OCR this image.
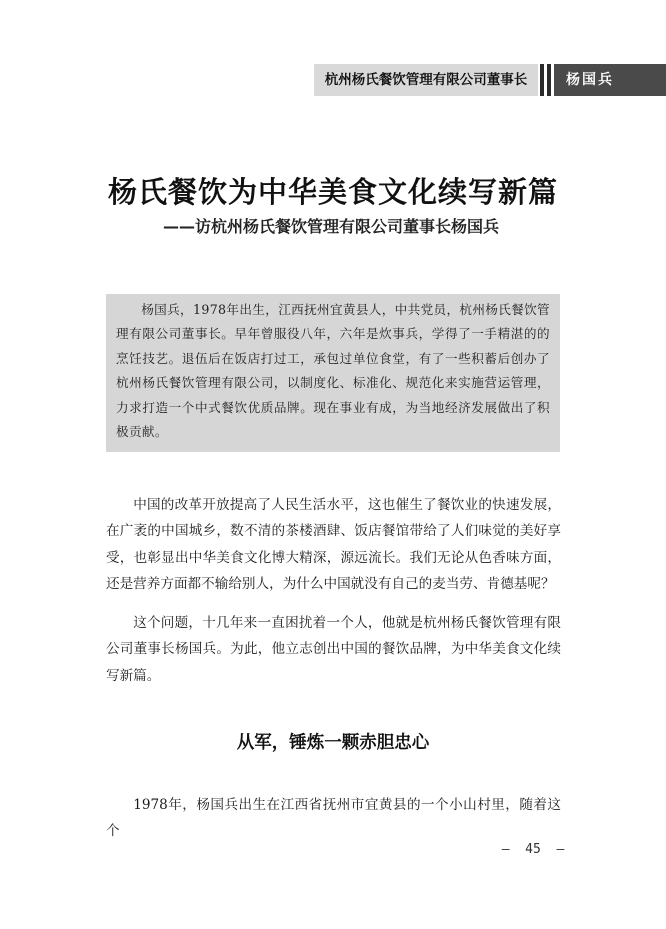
杭州杨氏餐饮管理有限公司董事长	杨国兵
杨氏餐饮为中华美食文化续写新篇
——访杭州杨氏餐饮管理有限公司董事长杨国兵

杨国兵，1978年出生，江西抚州宜黄县人，中共党员，杭州杨氏餐饮管理有限公司董事长。早年曾服役八年，六年是炊事兵，学得了一手精湛的的烹饪技艺。退伍后在饭店打过工，承包过单位食堂，有了一些积蓄后创办了杭州杨氏餐饮管理有限公司，以制度化、标准化、规范化来实施营运管理，力求打造一个中式餐饮优质品牌。现在事业有成，为当地经济发展做出了积极贡献。

中国的改革开放提高了人民生活水平，这也催生了餐饮业的快速发展，在广袤的中国城乡，数不清的茶楼酒肆、饭店餐馆带给了人们味觉的美好享受，也彰显出中华美食文化博大精深，源远流长。我们无论从色香味方面，还是营养方面都不输给别人，为什么中国就没有自己的麦当劳、肯德基呢？

这个问题，十几年来一直困扰着一个人，他就是杭州杨氏餐饮管理有限公司董事长杨国兵。为此，他立志创出中国的餐饮品牌，为中华美食文化续写新篇。

从军，锤炼一颗赤胆忠心

1978年，杨国兵出生在江西省抚州市宜黄县的一个小山村里，随着这个

—  45  —
